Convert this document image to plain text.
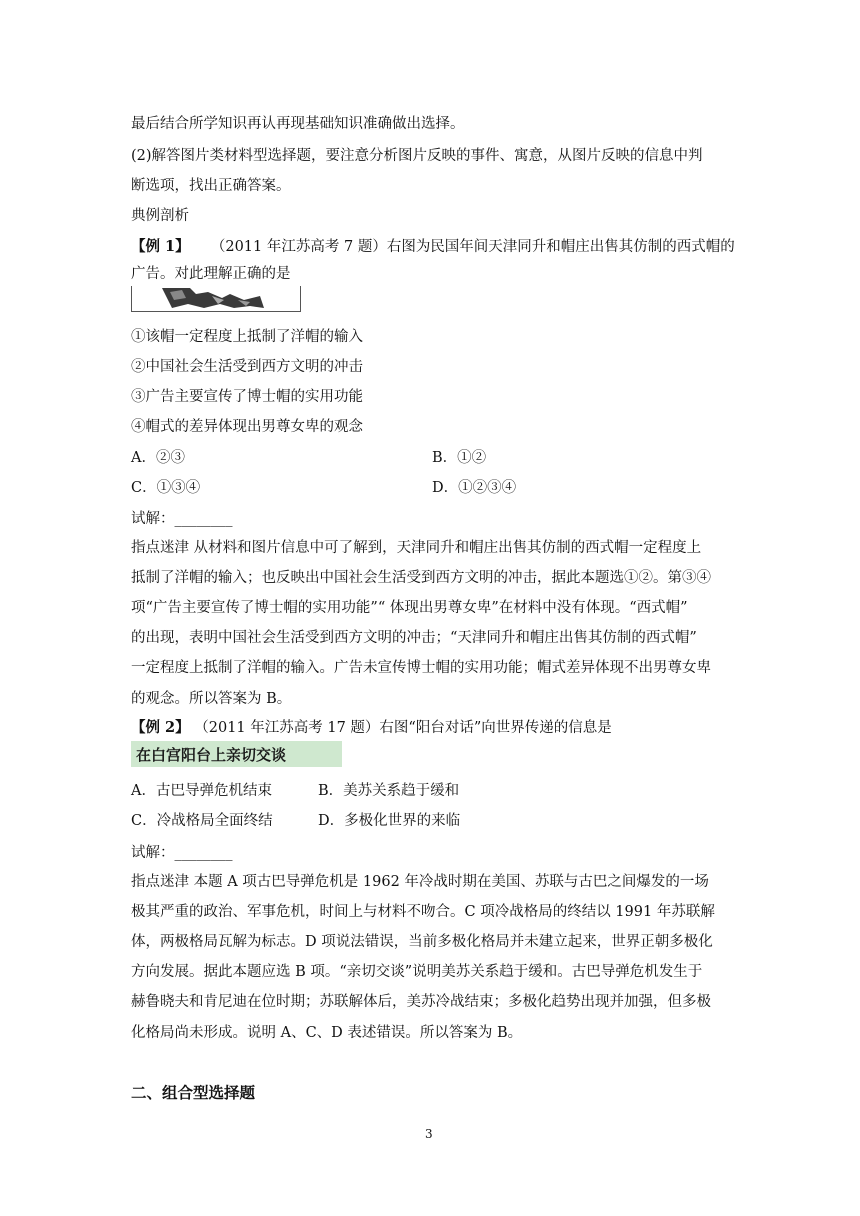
最后结合所学知识再认再现基础知识准确做出选择。
(2)解答图片类材料型选择题，要注意分析图片反映的事件、寓意，从图片反映的信息中判
断选项，找出正确答案。
典例剖析
【例 1】 （2011 年江苏高考 7 题）右图为民国年间天津同升和帽庄出售其仿制的西式帽的
广告。对此理解正确的是
①该帽一定程度上抵制了洋帽的输入
②中国社会生活受到西方文明的冲击
③广告主要宣传了博士帽的实用功能
④帽式的差异体现出男尊女卑的观念
A．②③	B．①②
C．①③④	D．①②③④
试解：________
指点迷津 从材料和图片信息中可了解到，天津同升和帽庄出售其仿制的西式帽一定程度上
抵制了洋帽的输入；也反映出中国社会生活受到西方文明的冲击，据此本题选①②。第③④
项“广告主要宣传了博士帽的实用功能”“ 体现出男尊女卑”在材料中没有体现。“西式帽”
的出现，表明中国社会生活受到西方文明的冲击；“天津同升和帽庄出售其仿制的西式帽”
一定程度上抵制了洋帽的输入。广告未宣传博士帽的实用功能；帽式差异体现不出男尊女卑
的观念。所以答案为 B。
【例 2】 （2011 年江苏高考 17 题）右图“阳台对话”向世界传递的信息是
在白宫阳台上亲切交谈
A．古巴导弹危机结束	B．美苏关系趋于缓和
C．冷战格局全面终结	D．多极化世界的来临
试解：________
指点迷津 本题 A 项古巴导弹危机是 1962 年冷战时期在美国、苏联与古巴之间爆发的一场
极其严重的政治、军事危机，时间上与材料不吻合。C 项冷战格局的终结以 1991 年苏联解
体，两极格局瓦解为标志。D 项说法错误，当前多极化格局并未建立起来，世界正朝多极化
方向发展。据此本题应选 B 项。“亲切交谈”说明美苏关系趋于缓和。古巴导弹危机发生于
赫鲁晓夫和肯尼迪在位时期；苏联解体后，美苏冷战结束；多极化趋势出现并加强，但多极
化格局尚未形成。说明 A、C、D 表述错误。所以答案为 B。
二、组合型选择题
3
